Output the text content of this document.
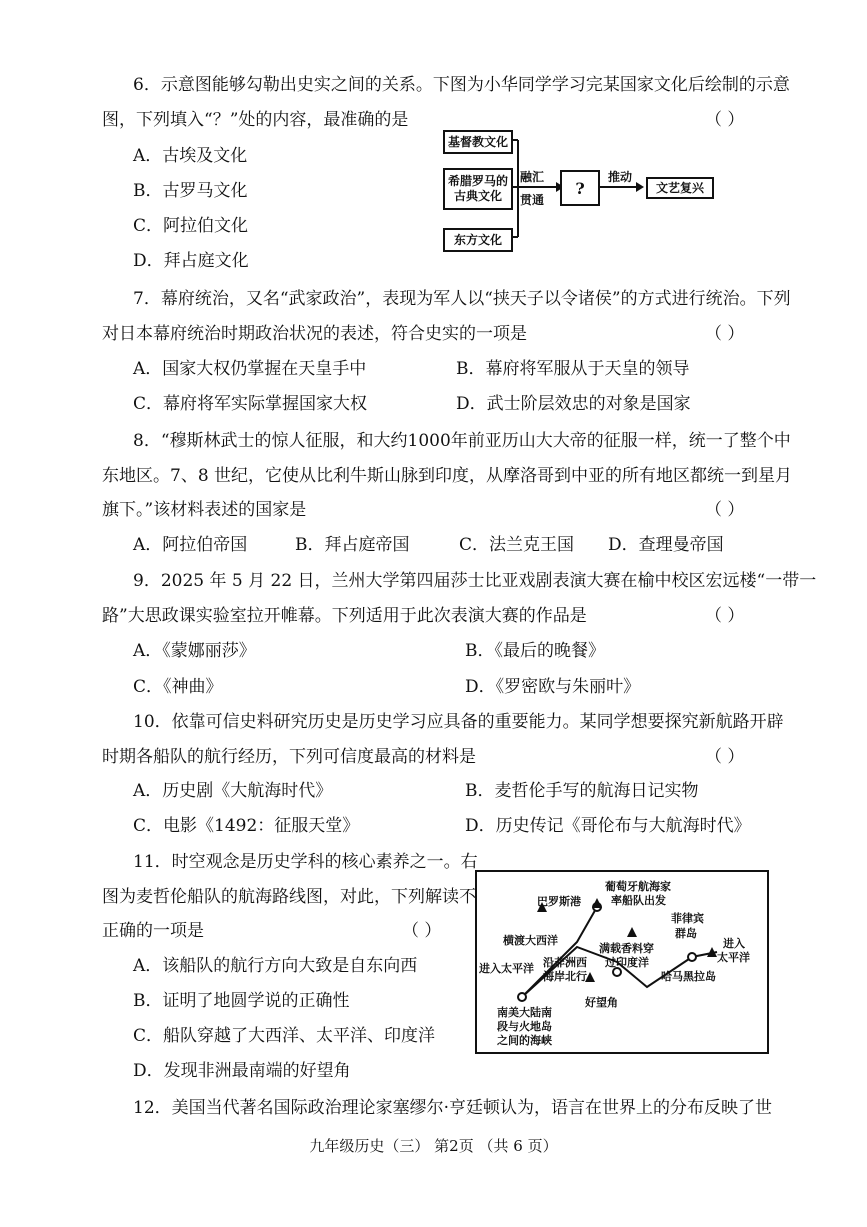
6．示意图能够勾勒出史实之间的关系。下图为小华同学学习完某国家文化后绘制的示意
图，下列填入“？”处的内容，最准确的是	（ ）
A．古埃及文化
B．古罗马文化
C．阿拉伯文化
D．拜占庭文化
基督教文化
希腊罗马的
古典文化
东方文化
融汇
贯通
?
推动
文艺复兴
7．幕府统治，又名“武家政治”，表现为军人以“挟天子以令诸侯”的方式进行统治。下列
对日本幕府统治时期政治状况的表述，符合史实的一项是	（ ）
A．国家大权仍掌握在天皇手中	B．幕府将军服从于天皇的领导
C．幕府将军实际掌握国家大权	D．武士阶层效忠的对象是国家
8．“穆斯林武士的惊人征服，和大约1000年前亚历山大大帝的征服一样，统一了整个中
东地区。7、8 世纪，它使从比利牛斯山脉到印度，从摩洛哥到中亚的所有地区都统一到星月
旗下。”该材料表述的国家是	（ ）
A．阿拉伯帝国	B．拜占庭帝国	C．法兰克王国 D．查理曼帝国
9．2025 年 5 月 22 日，兰州大学第四届莎士比亚戏剧表演大赛在榆中校区宏远楼“一带一
路”大思政课实验室拉开帷幕。下列适用于此次表演大赛的作品是	（ ）
A．《蒙娜丽莎》	B．《最后的晚餐》
C．《神曲》	D．《罗密欧与朱丽叶》
10．依靠可信史料研究历史是历史学习应具备的重要能力。某同学想要探究新航路开辟
时期各船队的航行经历，下列可信度最高的材料是	（ ）
A．历史剧《大航海时代》	B．麦哲伦手写的航海日记实物
C．电影《1492：征服天堂》	D．历史传记《哥伦布与大航海时代》
11．时空观念是历史学科的核心素养之一。右
图为麦哲伦船队的航海路线图，对此，下列解读不
正确的一项是	（ ）
A．该船队的航行方向大致是自东向西
B．证明了地圆学说的正确性
C．船队穿越了大西洋、太平洋、印度洋
D．发现非洲最南端的好望角
巴罗斯港
葡萄牙航海家
率船队出发
横渡大西洋
菲律宾
群岛
进入
太平洋
进入太平洋 沿非洲西
海岸北行
满载香料穿
过印度洋
哈马黑拉岛
好望角
南美大陆南
段与火地岛
之间的海峡
12．美国当代著名国际政治理论家塞缪尔·亨廷顿认为，语言在世界上的分布反映了世
九年级历史（三） 第2页 （共 6 页）
